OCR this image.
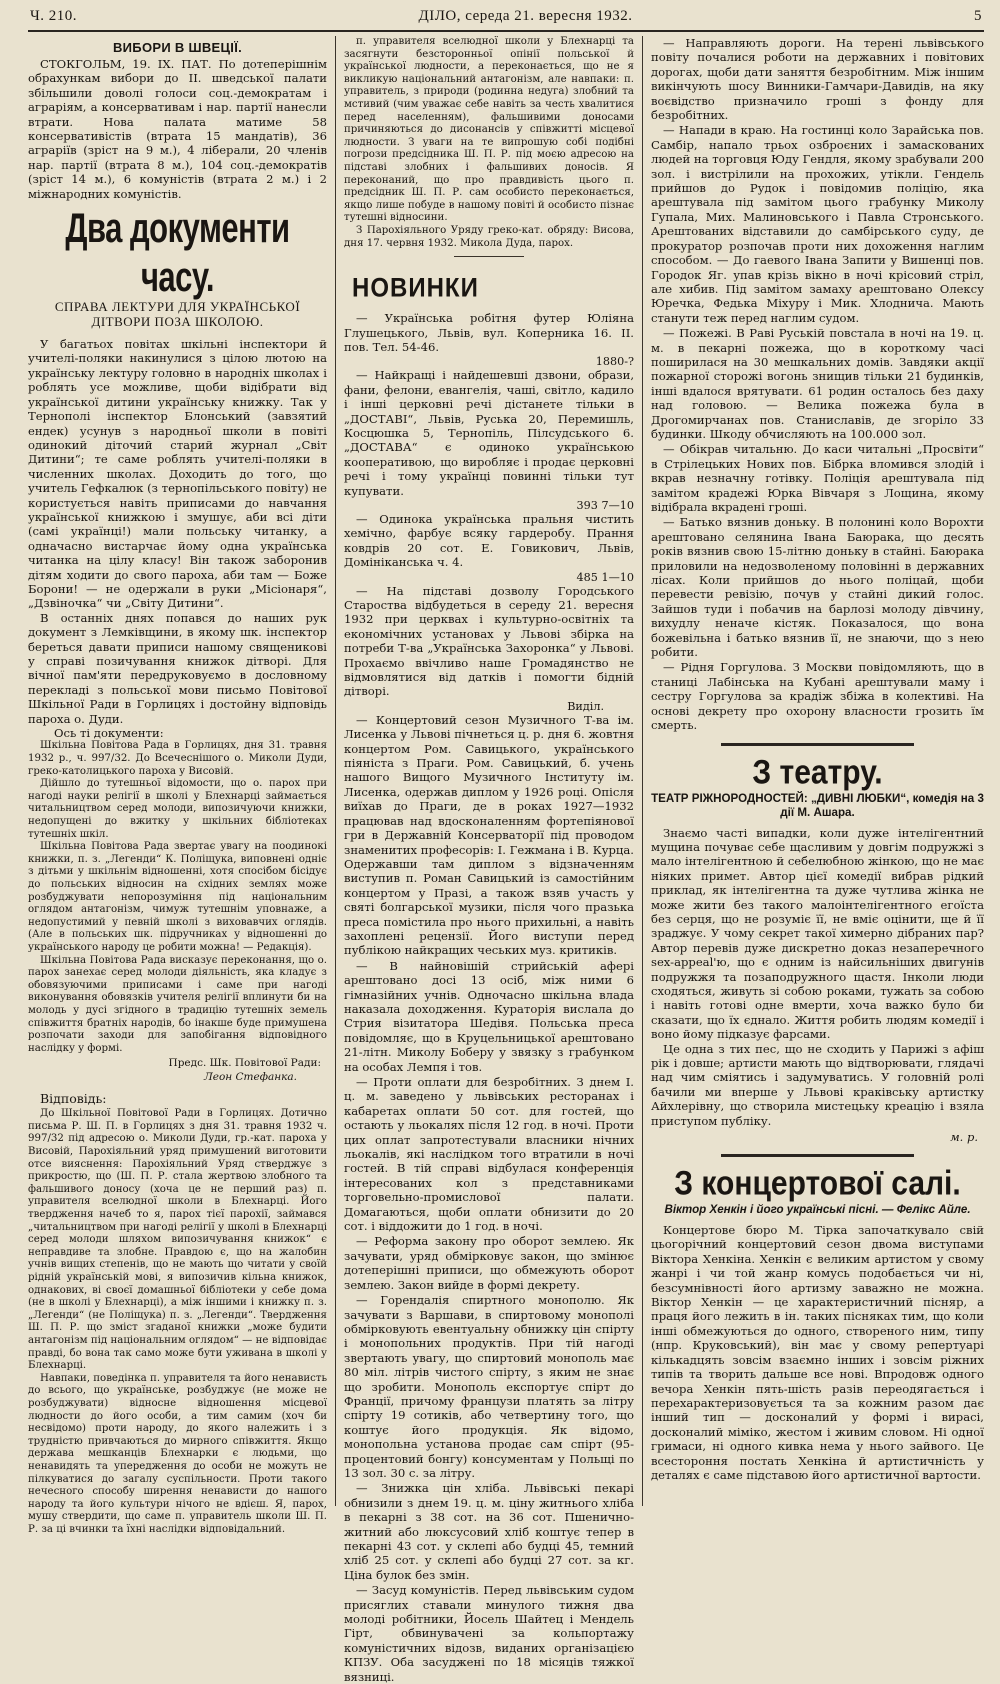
Ч. 210.	ДІЛО, середа 21. вересня 1932.	5
ВИБОРИ В ШВЕЦІЇ.

СТОКГОЛЬМ, 19. IX. ПАТ. По дотеперішнім обрахункам вибори до II. шведської палати збільшили доволі голоси соц.-демократам і аграріям, а консервативам і нар. партії нанесли втрати. Нова палата матиме 58 консервативістів (втрата 15 мандатів), 36 аграріїв (зріст на 9 м.), 4 ліберали, 20 членів нар. партії (втрата 8 м.), 104 соц.-демократів (зріст 14 м.), 6 комуністів (втрата 2 м.) і 2 міжнародних комуністів.

Два документи часу.
СПРАВА ЛЕКТУРИ ДЛЯ УКРАЇНСЬКОЇ ДІТВОРИ ПОЗА ШКОЛОЮ.

У багатьох повітах шкільні інспектори й учителі-поляки накинулися з цілою лютою на українську лектуру головно в народніх школах і роблять усе можливе, щоби відібрати від української дитини українську книжку. Так у Тернополі інспектор Блонський (завзятий ендек) усунув з народньої школи в повіті одинокий діточий старий журнал „Світ Дитини“; те саме роблять учителі-поляки в численних школах. Доходить до того, що учитель Гефкалюк (з тернопільського повіту) не користується навіть приписами до навчання української книжкою і змушує, аби всі діти (самі українці!) мали польську читанку, а одначасно вистарчає йому одна українська читанка на цілу класу! Він також заборонив дітям ходити до свого пароха, аби там — Боже Борони! — не одержали в руки „Місіонаря“, „Дзвіночка“ чи „Світу Дитини“.

В останніх днях попався до наших рук документ з Лемківщини, в якому шк. інспектор береться давати приписи нашому священикові у справі позичування книжок дітворі. Для вічної пам'яти передруковуємо в дословному перекладі з польської мови письмо Повітової Шкільної Ради в Горлицях і достойну відповідь пароха о. Дуди.

Ось ті документи:

Шкільна Повітова Рада в Горлицях, дня 31. травня 1932 р., ч. 997/32. До Всечеснішого о. Миколи Дуди, греко-католицького пароха у Висовій.

Дійшло до тутешньої відомости, що о. парох при нагоді науки релігії в школі у Блехнарці займається читальництвом серед молоди, випозичуючи книжки, недопущені до вжитку у шкільних бібліотеках тутешніх шкіл.

Шкільна Повітова Рада звертає увагу на поодинокі книжки, п. з. „Легенди“ К. Поліщука, виповнені одніє з дітьми у шкільнім відношенні, хотя спосібом бісідує до польських відносин на східних землях може розбуджувати непорозуміння під національним оглядом антагонізм, чимуж тутешнім уповнаже, а недопустимий у певній школі з виховавчих оглядів. (Але в польських шк. підручниках у відношенні до українського народу це робити можна! — Редакція).

Шкільна Повітова Рада висказує переконання, що о. парох занехає серед молоди діяльність, яка кладує з обовязуючими приписами і саме при нагоді виконування обовязків учителя релігії вплинути би на молодь у дусі згідного в традицію тутешніх земель співжиття братніх народів, бо інакше буде примушена розпочати заходи для запобігання відповідного наслідку у формі.

Предс. Шк. Повітової Ради:
Леон Стефанка.
Відповідь:

До Шкільної Повітової Ради в Горлицях. Дотично письма Р. Ш. П. в Горлицях з дня 31. травня 1932 ч. 997/32 під адресою о. Миколи Дуди, гр.-кат. пароха у Висовій, Парохіяльний уряд примушений виготовити отсе вияснення: Парохіяльний Уряд стверджує з прикростю, що (Ш. П. Р. стала жертвою злобного та фальшивого доносу (хоча це не перший раз) п. управителя вселюдної школи в Блехнарці. Його твердження начеб то я, парох тієї парохії, займався „читальництвом при нагоді релігії у школі в Блехнарці серед молоди шляхом випозичування книжок“ є неправдиве та злобне. Правдою є, що на жалобин учнів вищих степенів, що не мають що читати у своїй рідній українській мові, я випозичив кільна книжок, однакових, ві своєї домашньої бібліотеки у себе дома (не в школі у Блехнарці), а між іншими і книжку п. з. „Легенди“ (не Поліщука) п. з. „Легенди“. Твердження Ш. П. Р. що зміст згаданої книжки „може будити антагонізм під національним оглядом“ — не відповідає правді, бо вона так само може бути уживана в школі у Блехнарці.

Навпаки, поведінка п. управителя та його ненависть до всього, що українське, розбуджує (не може не розбуджувати) відносне відношення місцевої людности до його особи, а тим самим (хоч би несвідомо) проти народу, до якого належить і з трудністю привчаються до мирного співжиття. Якщо держава мешканців Блехнарки є людьми, що ненавидять та упередження до особи не можуть не пілкуватися до загалу суспільности. Проти такого нечесного способу ширення ненависти до нашого народу та його культури нічого не вдієш. Я, парох, мушу ствердити, що саме п. управитель школи Ш. П. Р. за ці вчинки та їхні наслідки відповідальний.

п. управителя вселюдної школи у Блехнарці та засягнути безсторонньої опінії польської й української людности, а переконається, що не я викликую національний антагонізм, але навпаки: п. управитель, з природи (родинна недуга) злобний та мстивий (чим уважає себе навіть за честь хвалитися перед населенням), фальшивими доносами причиняються до дисонансів у співжитті місцевої людности. З уваги на те випрошую собі подібні погрози предсідника Ш. П. Р. під моєю адресою на підставі злобних і фальшивих доносів. Я переконаний, що про правдивість цього п. предсідник Ш. П. Р. сам особисто переконається, якщо лише побуде в нашому повіті й особисто пізнає тутешні відносини.

З Парохіяльного Уряду греко-кат. обряду: Висова, дня 17. червня 1932. Микола Дуда, парох.

НОВИНКИ

— Українська робітня футер Юліяна Глушецького, Львів, вул. Коперника 16. II. пов. Тел. 54-46.

1880-?

— Найкращі і найдешевші дзвони, образи, фани, фелони, евангелія, чаші, світло, кадило і інші церковні речі дістанете тільки в „ДОСТАВІ“, Львів, Руська 20, Перемишль, Косцюшка 5, Тернопіль, Пілсудського 6. „ДОСТАВА“ є одиноко українською кооперативою, що виробляє і продає церковні речі і тому українці повинні тільки тут купувати.

393 7—10

— Одинока українська пральня чистить хемічно, фарбує всяку гардеробу. Прання ковдрів 20 сот. Е. Говикович, Львів, Домініканська ч. 4.

485 1—10

— На підставі дозволу Городського Староства відбудеться в середу 21. вересня 1932 при церквах і культурно-освітніх та економічних установах у Львові збірка на потреби Т-ва „Українська Захоронка“ у Львові. Прохаємо ввічливо наше Громадянство не відмовлятися від датків і помогти бідній дітворі.

Виділ.

— Концертовий сезон Музичного Т-ва ім. Лисенка у Львові пічнеться ц. р. дня 6. жовтня концертом Ром. Савицького, українського піяніста з Праги. Ром. Савицький, б. учень нашого Вищого Музичного Інституту ім. Лисенка, одержав диплом у 1926 році. Опісля виїхав до Праги, де в роках 1927—1932 працював над вдосконаленням фортепіянової гри в Державній Консерваторії під проводом знаменитих професорів: І. Гежмана і В. Курца. Одержавши там диплом з відзначенням виступив п. Роман Савицький із самостійним концертом у Празі, а також взяв участь у святі болгарської музики, після чого празька преса помістила про нього прихильні, а навіть захоплені рецензії. Його виступи перед публікою найкращих чеських муз. критиків.

— В найновішій стрийській афері арештовано досі 13 осіб, між ними 6 гімназійних учнів. Одночасно шкільна влада наказала доходження. Кураторія вислала до Стрия візитатора Шедівя. Польська преса повідомляє, що в Круцельницької арештовано 21-літн. Миколу Боберу у звязку з грабунком на особах Лемпя і тов.

— Проти оплати для безробітних. З днем І. ц. м. заведено у львівських ресторанах і кабаретах оплати 50 сот. для гостей, що остають у льокалях після 12 год. в ночі. Проти цих оплат запротестували власники нічних льокалів, які наслідком того втратили в ночі гостей. В тій справі відбулася конференція інтересованих кол з представниками торговельно-промислової палати. Домагаються, щоби оплати обнизити до 20 сот. і віддожити до 1 год. в ночі.

— Реформа закону про оборот землею. Як зачувати, уряд обмірковує закон, що змінює дотеперішні приписи, що обмежують оборот землею. Закон вийде в формі декрету.

— Горендалія спиртного монополю. Як зачувати з Варшави, в спиртовому монополі обмірковують евентуальну обнижку цін спірту і монопольних продуктів. При тій нагоді звертають увагу, що спиртовий монополь має 80 міл. літрів чистого спірту, з яким не знає що зробити. Монополь експортує спірт до Франції, причому французи платять за літру спірту 19 сотиків, або четвертину того, що коштує його продукція. Як відомо, монопольна установа продає сам спірт (95-процентовий бонгу) консументам у Польщі по 13 зол. 30 с. за літру.

— Знижка цін хліба. Львівські пекарі обнизили з днем 19. ц. м. ціну житнього хліба в пекарні з 38 сот. на 36 сот. Пшенично-житний або люксусовий хліб коштує тепер в пекарні 43 сот. у склепі або будці 45, темний хліб 25 сот. у склепі або будці 27 сот. за кг. Ціна булок без змін.

— Засуд комуністів. Перед львівським судом присяглих ставали минулого тижня два молоді робітники, Йосель Шайтец і Мендель Гірт, обвинувачені за кольпортажу комуністичних відозв, виданих організацією КПЗУ. Оба засуджені по 18 місяців тяжкої вязниці.

— Направляють дороги. На терені львівського повіту почалися роботи на державних і повітових дорогах, щоби дати заняття безробітним. Між іншим викінчують шосу Винники-Гамчари-Давидів, на яку воєвідство призначило гроші з фонду для безробітних.

— Напади в краю. На гостинці коло Зарайська пов. Самбір, напало трьох озброєних і замаскованих людей на торговця Юду Гендля, якому зрабували 200 зол. і вистрілили на прохожих, утікли. Гендель прийшов до Рудок і повідомив поліцію, яка арештувала під замітом цього грабунку Миколу Гупала, Мих. Малиновського і Павла Стронського. Арештованих відставили до самбірського суду, де прокуратор розпочав проти них дохоження наглим способом. — До гаевого Івана Запити у Вишенці пов. Городок Яг. упав крізь вікно в ночі крісовий стріл, але хибив. Під замітом замаху арештовано Олексу Юречка, Федька Міхуру і Мик. Хлоднича. Мають станути теж перед наглим судом.

— Пожежі. В Раві Руській повстала в ночі на 19. ц. м. в пекарні пожежа, що в короткому часі поширилася на 30 мешкальних домів. Завдяки акції пожарної сторожі вогонь знищив тільки 21 будинків, інші вдалося врятувати. 61 родин осталось без даху над головою. — Велика пожежа була в Дрогомирчанах пов. Станиславів, де згоріло 33 будинки. Шкоду обчисляють на 100.000 зол.

— Обікрав читальню. До каси читальні „Просвіти“ в Стрілецьких Нових пов. Бібрка вломився злодій і вкрав незначну готівку. Поліція арештувала під замітом крадежі Юрка Вівчаря з Лощина, якому відібрала вкрадені гроші.

— Батько вязнив доньку. В полонині коло Ворохти арештовано селянина Івана Баюрака, що десять років вязнив свою 15-літню доньку в стайні. Баюрака приловили на недозволеному половінні в державних лісах. Коли прийшов до нього поліцай, щоби перевести ревізію, почув у стайні дикий голос. Зайшов туди і побачив на барлозі молоду дівчину, вихудлу неначе кістяк. Показалося, що вона божевільна і батько вязнив її, не знаючи, що з нею робити.

— Рідня Горгулова. З Москви повідомляють, що в станиці Лабінська на Кубані арештували маму і сестру Горгулова за крадіж збіжа в колективі. На основі декрету про охорону власности грозить їм смерть.

З театру.
ТЕАТР РІЖНОРОДНОСТЕЙ: „ДИВНІ ЛЮБКИ“, комедія на 3 дії М. Ашара.

Знаємо часті випадки, коли дуже інтелігентний мущина почуває себе щасливим у довгім подружжі з мало інтелігентною й себелюбною жінкою, що не має ніяких примет. Автор цієї комедії вибрав рідкий приклад, як інтелігентна та дуже чутлива жінка не може жити без такого малоінтелігентного егоїста без серця, що не розуміє її, не вміє оцінити, ще й її зраджує. У чому секрет такої химерно дібраних пар? Автор перевів дуже дискретно доказ незаперечного sex-appeal'ю, що є одним із найсильніших двигунів подружжя та позаподружного щастя. Інколи люди сходяться, живуть зі собою роками, тужать за собою і навіть готові одне вмерти, хоча важко було би сказати, що їх єднало. Життя робить людям комедії і воно йому підказує фарсами.

Це одна з тих пес, що не сходить у Парижі з афіш рік і довше; артисти мають що відтворювати, глядачі над чим сміятись і задумуватись. У головній ролі бачили ми вперше у Львові краківську артистку Айхлерівну, що створила мистецьку креацію і взяла приступом публіку.

м. р.
З концертової салі.
Віктор Хенкін і його українські пісні. — Фелікс Айле.

Концертове бюро М. Тірка започаткувало свій цьогорічний концертовий сезон двома виступами Віктора Хенкіна. Хенкін є великим артистом у свому жанрі і чи той жанр комусь подобається чи ні, безсумнівності його артизму заважно не можна. Віктор Хенкін — це характеристичний пісняр, а праця його лежить в ін. таких пісняках тим, що коли інші обмежуються до одного, створеного ним, типу (нпр. Круковський), він має у свому репертуарі кількадцять зовсім взаємно інших і зовсім ріжних типів та творить дальше все нові. Впродовж одного вечора Хенкін пять-шість разів переодягається і перехарактеризовується та за кожним разом дає інший тип — досконалий у формі і вирасі, досконалий міміко, жестом і живим словом. Ні одної гримаси, ні одного кивка нема у нього зайвого. Це всестороння постать Хенкіна й артистичність у деталях є саме підставою його артистичної вартости.
